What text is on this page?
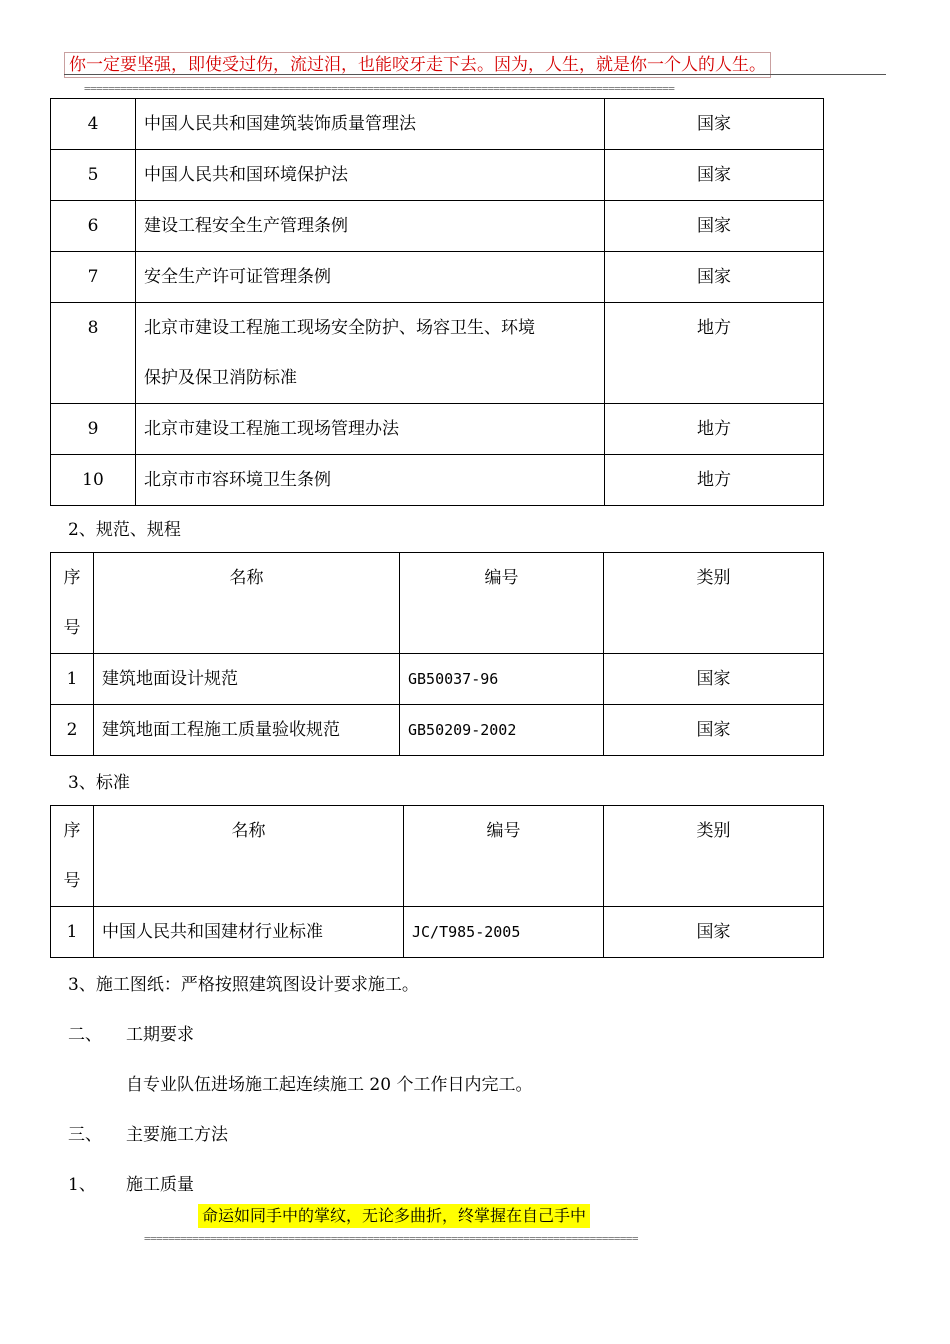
你一定要坚强，即使受过伤，流过泪，也能咬牙走下去。因为，人生，就是你一个人的人生。
==================================================================================================
4	中国人民共和国建筑装饰质量管理法	国家
5	中国人民共和国环境保护法	国家
6	建设工程安全生产管理条例	国家
7	安全生产许可证管理条例	国家
8	北京市建设工程施工现场安全防护、场容卫生、环境
保护及保卫消防标准	地方
9	北京市建设工程施工现场管理办法	地方
10	北京市市容环境卫生条例	地方
2、规范、规程
序
号	名称	编号	类别
1	建筑地面设计规范	GB50037-96	国家
2	建筑地面工程施工质量验收规范	GB50209-2002	国家
3、标准
序
号	名称	编号	类别
1	中国人民共和国建材行业标准	JC/T985-2005	国家
3、施工图纸：严格按照建筑图设计要求施工。
二、 工期要求
自专业队伍进场施工起连续施工 20 个工作日内完工。
三、 主要施工方法
1、 施工质量
命运如同手中的掌纹，无论多曲折，终掌握在自己手中
==================================================================================
